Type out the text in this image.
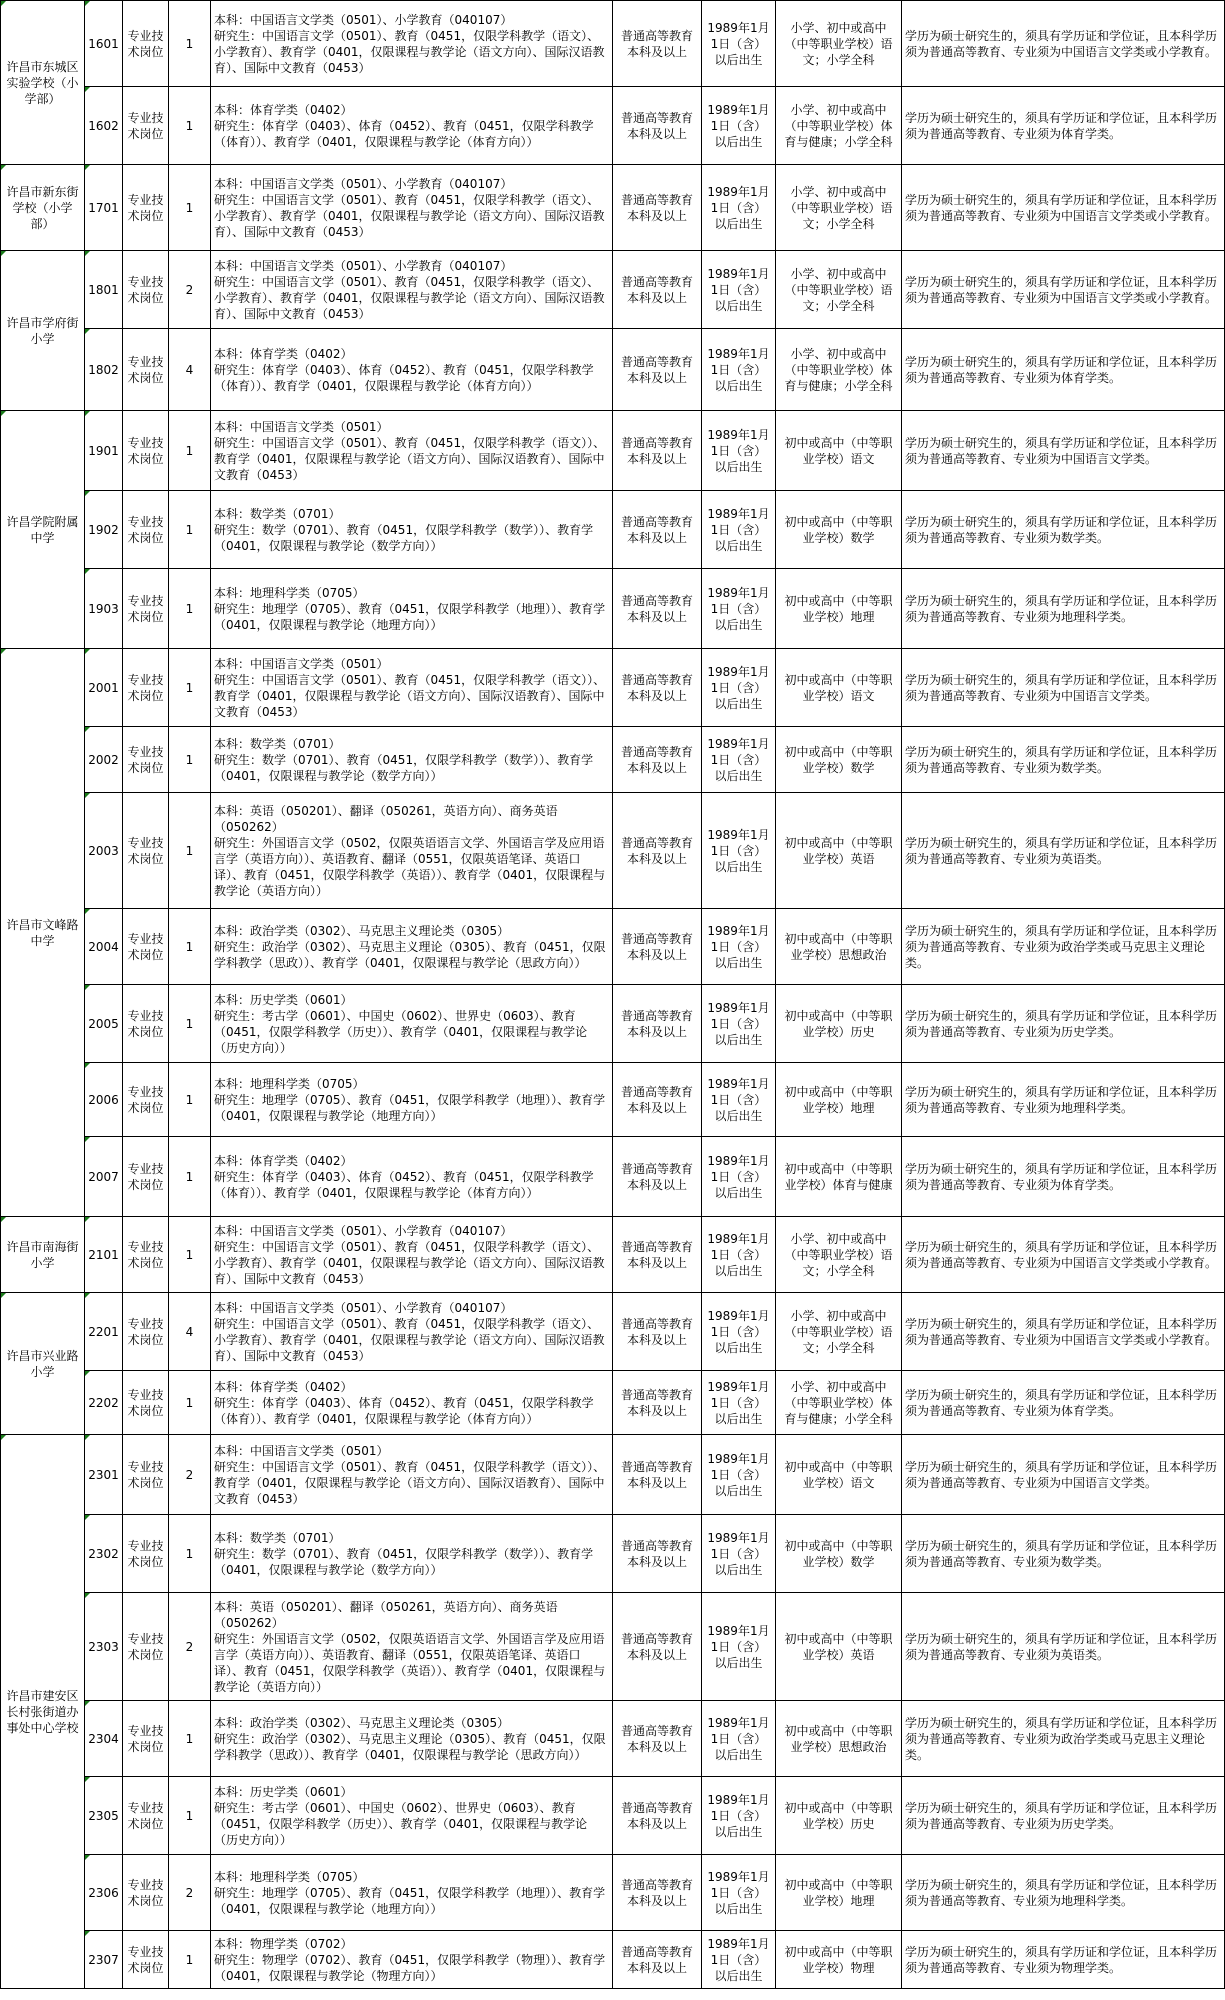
许昌市东城区实验学校（小学部）	1601	专业技术岗位	1	本科：中国语言文学类（0501）、小学教育（040107）
研究生：中国语言文学（0501）、教育（0451，仅限学科教学（语文）、小学教育）、教育学（0401，仅限课程与教学论（语文方向）、国际汉语教育）、国际中文教育（0453）	普通高等教育本科及以上	1989年1月1日（含）以后出生	小学、初中或高中（中等职业学校）语文；小学全科	学历为硕士研究生的，须具有学历证和学位证，且本科学历须为普通高等教育、专业须为中国语言文学类或小学教育。
	1602	专业技术岗位	1	本科：体育学类（0402）
研究生：体育学（0403）、体育（0452）、教育（0451，仅限学科教学（体育））、教育学（0401，仅限课程与教学论（体育方向））	普通高等教育本科及以上	1989年1月1日（含）以后出生	小学、初中或高中（中等职业学校）体育与健康；小学全科	学历为硕士研究生的，须具有学历证和学位证，且本科学历须为普通高等教育、专业须为体育学类。
许昌市新东街学校（小学部）	1701	专业技术岗位	1	本科：中国语言文学类（0501）、小学教育（040107）
研究生：中国语言文学（0501）、教育（0451，仅限学科教学（语文）、小学教育）、教育学（0401，仅限课程与教学论（语文方向）、国际汉语教育）、国际中文教育（0453）	普通高等教育本科及以上	1989年1月1日（含）以后出生	小学、初中或高中（中等职业学校）语文；小学全科	学历为硕士研究生的，须具有学历证和学位证，且本科学历须为普通高等教育、专业须为中国语言文学类或小学教育。
许昌市学府街小学	1801	专业技术岗位	2	本科：中国语言文学类（0501）、小学教育（040107）
研究生：中国语言文学（0501）、教育（0451，仅限学科教学（语文）、小学教育）、教育学（0401，仅限课程与教学论（语文方向）、国际汉语教育）、国际中文教育（0453）	普通高等教育本科及以上	1989年1月1日（含）以后出生	小学、初中或高中（中等职业学校）语文；小学全科	学历为硕士研究生的，须具有学历证和学位证，且本科学历须为普通高等教育、专业须为中国语言文学类或小学教育。
	1802	专业技术岗位	4	本科：体育学类（0402）
研究生：体育学（0403）、体育（0452）、教育（0451，仅限学科教学（体育））、教育学（0401，仅限课程与教学论（体育方向））	普通高等教育本科及以上	1989年1月1日（含）以后出生	小学、初中或高中（中等职业学校）体育与健康；小学全科	学历为硕士研究生的，须具有学历证和学位证，且本科学历须为普通高等教育、专业须为体育学类。
许昌学院附属中学	1901	专业技术岗位	1	本科：中国语言文学类（0501）
研究生：中国语言文学（0501）、教育（0451，仅限学科教学（语文））、教育学（0401，仅限课程与教学论（语文方向）、国际汉语教育）、国际中文教育（0453）	普通高等教育本科及以上	1989年1月1日（含）以后出生	初中或高中（中等职业学校）语文	学历为硕士研究生的，须具有学历证和学位证，且本科学历须为普通高等教育、专业须为中国语言文学类。
	1902	专业技术岗位	1	本科：数学类（0701）
研究生：数学（0701）、教育（0451，仅限学科教学（数学））、教育学（0401，仅限课程与教学论（数学方向））	普通高等教育本科及以上	1989年1月1日（含）以后出生	初中或高中（中等职业学校）数学	学历为硕士研究生的，须具有学历证和学位证，且本科学历须为普通高等教育、专业须为数学类。
	1903	专业技术岗位	1	本科：地理科学类（0705）
研究生：地理学（0705）、教育（0451，仅限学科教学（地理））、教育学（0401，仅限课程与教学论（地理方向））	普通高等教育本科及以上	1989年1月1日（含）以后出生	初中或高中（中等职业学校）地理	学历为硕士研究生的，须具有学历证和学位证，且本科学历须为普通高等教育、专业须为地理科学类。
许昌市文峰路中学	2001	专业技术岗位	1	本科：中国语言文学类（0501）
研究生：中国语言文学（0501）、教育（0451，仅限学科教学（语文））、教育学（0401，仅限课程与教学论（语文方向）、国际汉语教育）、国际中文教育（0453）	普通高等教育本科及以上	1989年1月1日（含）以后出生	初中或高中（中等职业学校）语文	学历为硕士研究生的，须具有学历证和学位证，且本科学历须为普通高等教育、专业须为中国语言文学类。
	2002	专业技术岗位	1	本科：数学类（0701）
研究生：数学（0701）、教育（0451，仅限学科教学（数学））、教育学（0401，仅限课程与教学论（数学方向））	普通高等教育本科及以上	1989年1月1日（含）以后出生	初中或高中（中等职业学校）数学	学历为硕士研究生的，须具有学历证和学位证，且本科学历须为普通高等教育、专业须为数学类。
	2003	专业技术岗位	1	本科：英语（050201）、翻译（050261，英语方向）、商务英语（050262）
研究生：外国语言文学（0502，仅限英语语言文学、外国语言学及应用语言学（英语方向））、英语教育、翻译（0551，仅限英语笔译、英语口译）、教育（0451，仅限学科教学（英语））、教育学（0401，仅限课程与教学论（英语方向））	普通高等教育本科及以上	1989年1月1日（含）以后出生	初中或高中（中等职业学校）英语	学历为硕士研究生的，须具有学历证和学位证，且本科学历须为普通高等教育、专业须为英语类。
	2004	专业技术岗位	1	本科：政治学类（0302）、马克思主义理论类（0305）
研究生：政治学（0302）、马克思主义理论（0305）、教育（0451，仅限学科教学（思政））、教育学（0401，仅限课程与教学论（思政方向））	普通高等教育本科及以上	1989年1月1日（含）以后出生	初中或高中（中等职业学校）思想政治	学历为硕士研究生的，须具有学历证和学位证，且本科学历须为普通高等教育、专业须为政治学类或马克思主义理论类。
	2005	专业技术岗位	1	本科：历史学类（0601）
研究生：考古学（0601）、中国史（0602）、世界史（0603）、教育（0451，仅限学科教学（历史））、教育学（0401，仅限课程与教学论（历史方向））	普通高等教育本科及以上	1989年1月1日（含）以后出生	初中或高中（中等职业学校）历史	学历为硕士研究生的，须具有学历证和学位证，且本科学历须为普通高等教育、专业须为历史学类。
	2006	专业技术岗位	1	本科：地理科学类（0705）
研究生：地理学（0705）、教育（0451，仅限学科教学（地理））、教育学（0401，仅限课程与教学论（地理方向））	普通高等教育本科及以上	1989年1月1日（含）以后出生	初中或高中（中等职业学校）地理	学历为硕士研究生的，须具有学历证和学位证，且本科学历须为普通高等教育、专业须为地理科学类。
	2007	专业技术岗位	1	本科：体育学类（0402）
研究生：体育学（0403）、体育（0452）、教育（0451，仅限学科教学（体育））、教育学（0401，仅限课程与教学论（体育方向））	普通高等教育本科及以上	1989年1月1日（含）以后出生	初中或高中（中等职业学校）体育与健康	学历为硕士研究生的，须具有学历证和学位证，且本科学历须为普通高等教育、专业须为体育学类。
许昌市南海街小学	2101	专业技术岗位	1	本科：中国语言文学类（0501）、小学教育（040107）
研究生：中国语言文学（0501）、教育（0451，仅限学科教学（语文）、小学教育）、教育学（0401，仅限课程与教学论（语文方向）、国际汉语教育）、国际中文教育（0453）	普通高等教育本科及以上	1989年1月1日（含）以后出生	小学、初中或高中（中等职业学校）语文；小学全科	学历为硕士研究生的，须具有学历证和学位证，且本科学历须为普通高等教育、专业须为中国语言文学类或小学教育。
许昌市兴业路小学	2201	专业技术岗位	4	本科：中国语言文学类（0501）、小学教育（040107）
研究生：中国语言文学（0501）、教育（0451，仅限学科教学（语文）、小学教育）、教育学（0401，仅限课程与教学论（语文方向）、国际汉语教育）、国际中文教育（0453）	普通高等教育本科及以上	1989年1月1日（含）以后出生	小学、初中或高中（中等职业学校）语文；小学全科	学历为硕士研究生的，须具有学历证和学位证，且本科学历须为普通高等教育、专业须为中国语言文学类或小学教育。
	2202	专业技术岗位	1	本科：体育学类（0402）
研究生：体育学（0403）、体育（0452）、教育（0451，仅限学科教学（体育））、教育学（0401，仅限课程与教学论（体育方向））	普通高等教育本科及以上	1989年1月1日（含）以后出生	小学、初中或高中（中等职业学校）体育与健康；小学全科	学历为硕士研究生的，须具有学历证和学位证，且本科学历须为普通高等教育、专业须为体育学类。
许昌市建安区长村张街道办事处中心学校	2301	专业技术岗位	2	本科：中国语言文学类（0501）
研究生：中国语言文学（0501）、教育（0451，仅限学科教学（语文））、教育学（0401，仅限课程与教学论（语文方向）、国际汉语教育）、国际中文教育（0453）	普通高等教育本科及以上	1989年1月1日（含）以后出生	初中或高中（中等职业学校）语文	学历为硕士研究生的，须具有学历证和学位证，且本科学历须为普通高等教育、专业须为中国语言文学类。
	2302	专业技术岗位	1	本科：数学类（0701）
研究生：数学（0701）、教育（0451，仅限学科教学（数学））、教育学（0401，仅限课程与教学论（数学方向））	普通高等教育本科及以上	1989年1月1日（含）以后出生	初中或高中（中等职业学校）数学	学历为硕士研究生的，须具有学历证和学位证，且本科学历须为普通高等教育、专业须为数学类。
	2303	专业技术岗位	2	本科：英语（050201）、翻译（050261，英语方向）、商务英语（050262）
研究生：外国语言文学（0502，仅限英语语言文学、外国语言学及应用语言学（英语方向））、英语教育、翻译（0551，仅限英语笔译、英语口译）、教育（0451，仅限学科教学（英语））、教育学（0401，仅限课程与教学论（英语方向））	普通高等教育本科及以上	1989年1月1日（含）以后出生	初中或高中（中等职业学校）英语	学历为硕士研究生的，须具有学历证和学位证，且本科学历须为普通高等教育、专业须为英语类。
	2304	专业技术岗位	1	本科：政治学类（0302）、马克思主义理论类（0305）
研究生：政治学（0302）、马克思主义理论（0305）、教育（0451，仅限学科教学（思政））、教育学（0401，仅限课程与教学论（思政方向））	普通高等教育本科及以上	1989年1月1日（含）以后出生	初中或高中（中等职业学校）思想政治	学历为硕士研究生的，须具有学历证和学位证，且本科学历须为普通高等教育、专业须为政治学类或马克思主义理论类。
	2305	专业技术岗位	1	本科：历史学类（0601）
研究生：考古学（0601）、中国史（0602）、世界史（0603）、教育（0451，仅限学科教学（历史））、教育学（0401，仅限课程与教学论（历史方向））	普通高等教育本科及以上	1989年1月1日（含）以后出生	初中或高中（中等职业学校）历史	学历为硕士研究生的，须具有学历证和学位证，且本科学历须为普通高等教育、专业须为历史学类。
	2306	专业技术岗位	2	本科：地理科学类（0705）
研究生：地理学（0705）、教育（0451，仅限学科教学（地理））、教育学（0401，仅限课程与教学论（地理方向））	普通高等教育本科及以上	1989年1月1日（含）以后出生	初中或高中（中等职业学校）地理	学历为硕士研究生的，须具有学历证和学位证，且本科学历须为普通高等教育、专业须为地理科学类。
	2307	专业技术岗位	1	本科：物理学类（0702）
研究生：物理学（0702）、教育（0451，仅限学科教学（物理））、教育学（0401，仅限课程与教学论（物理方向））	普通高等教育本科及以上	1989年1月1日（含）以后出生	初中或高中（中等职业学校）物理	学历为硕士研究生的，须具有学历证和学位证，且本科学历须为普通高等教育、专业须为物理学类。
